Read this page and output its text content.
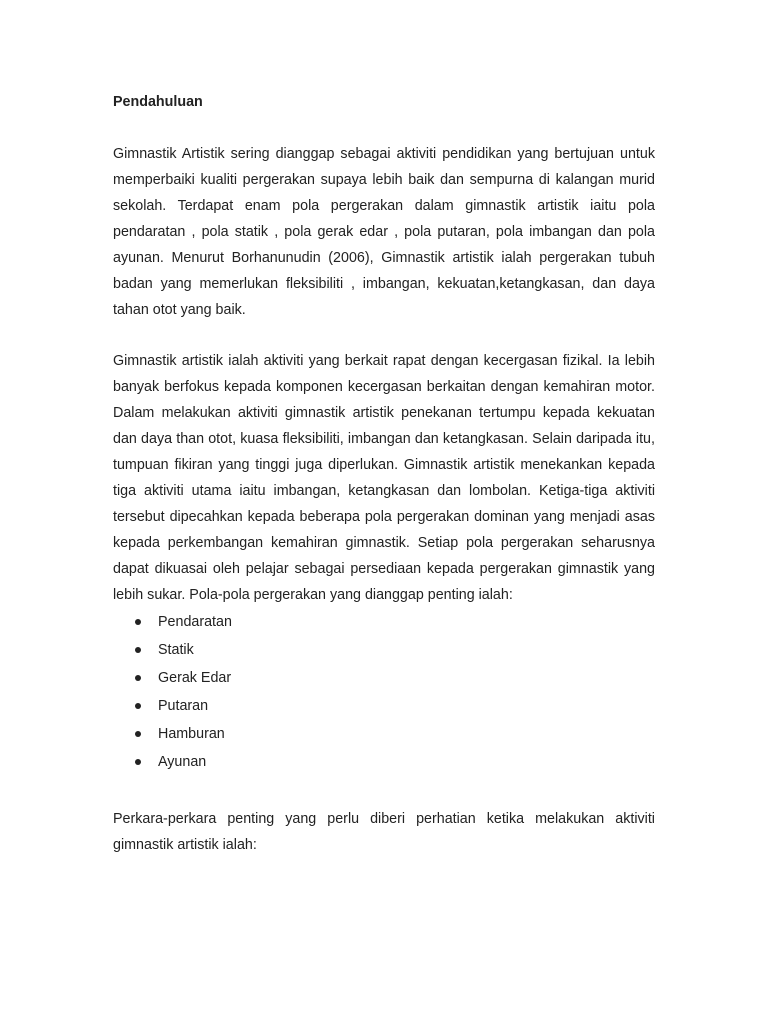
Pendahuluan

Gimnastik Artistik sering dianggap sebagai aktiviti pendidikan yang bertujuan untuk memperbaiki kualiti pergerakan supaya lebih baik dan sempurna di kalangan murid sekolah. Terdapat enam pola pergerakan dalam gimnastik artistik iaitu pola pendaratan , pola statik , pola gerak edar , pola putaran, pola imbangan dan pola ayunan. Menurut Borhanunudin (2006), Gimnastik artistik ialah pergerakan tubuh badan yang memerlukan fleksibiliti , imbangan, kekuatan,ketangkasan, dan daya tahan otot yang baik.

Gimnastik artistik ialah aktiviti yang berkait rapat dengan kecergasan fizikal. Ia lebih banyak berfokus kepada komponen kecergasan berkaitan dengan kemahiran motor. Dalam melakukan aktiviti gimnastik artistik penekanan tertumpu kepada kekuatan dan daya than otot, kuasa fleksibiliti, imbangan dan ketangkasan. Selain daripada itu, tumpuan fikiran yang tinggi juga diperlukan. Gimnastik artistik menekankan kepada tiga aktiviti utama iaitu imbangan, ketangkasan dan lombolan. Ketiga-tiga aktiviti tersebut dipecahkan kepada beberapa pola pergerakan dominan yang menjadi asas kepada perkembangan kemahiran gimnastik. Setiap pola pergerakan seharusnya dapat dikuasai oleh pelajar sebagai persediaan kepada pergerakan gimnastik yang lebih sukar. Pola-pola pergerakan yang dianggap penting ialah:

Pendaratan
Statik
Gerak Edar
Putaran
Hamburan
Ayunan

Perkara-perkara penting yang perlu diberi perhatian ketika melakukan aktiviti gimnastik artistik ialah:
